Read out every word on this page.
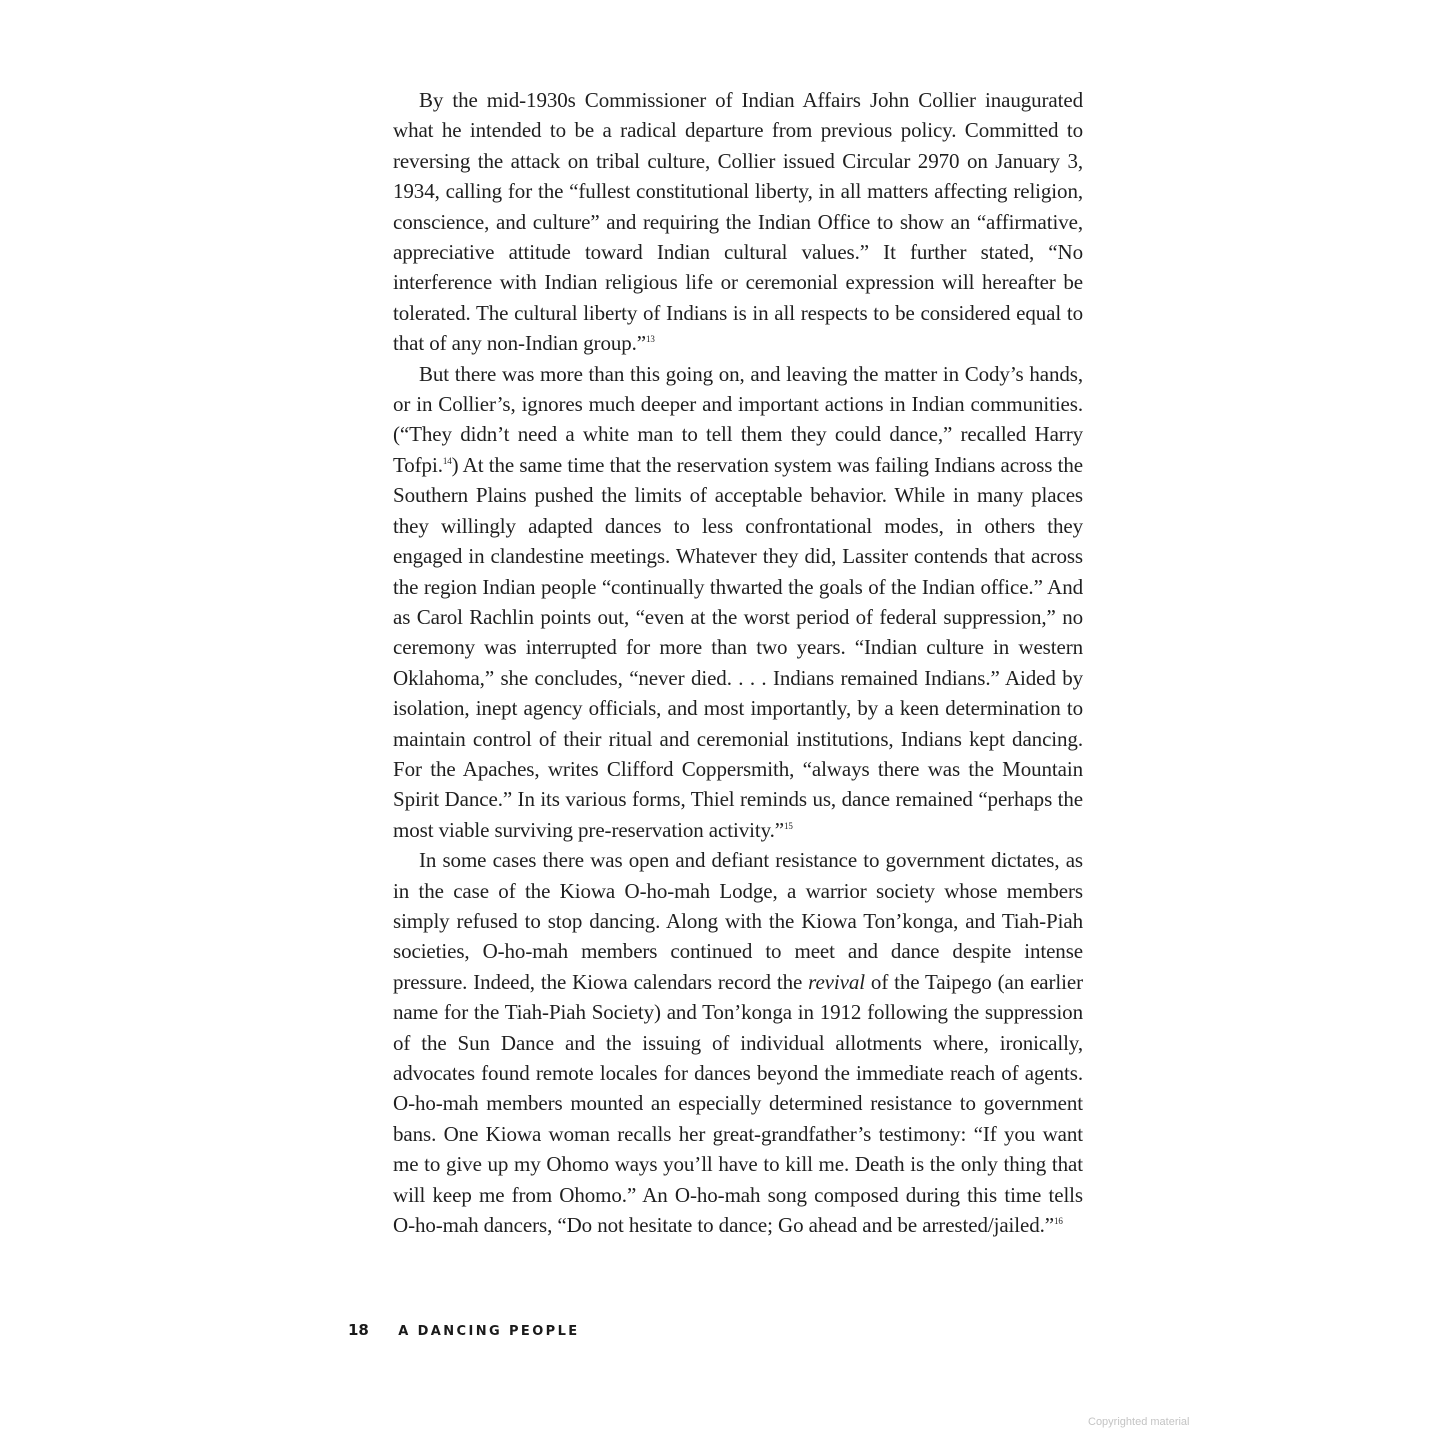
By the mid-1930s Commissioner of Indian Affairs John Collier inaugurated what he intended to be a radical departure from previous policy. Committed to reversing the attack on tribal culture, Collier issued Circular 2970 on January 3, 1934, calling for the “fullest constitutional liberty, in all matters affecting religion, conscience, and culture” and requiring the Indian Office to show an “affirmative, appreciative attitude toward Indian cultural values.” It further stated, “No interference with Indian religious life or ceremonial expression will hereafter be tolerated. The cultural liberty of Indians is in all respects to be considered equal to that of any non-Indian group.”$^{13}$

But there was more than this going on, and leaving the matter in Cody’s hands, or in Collier’s, ignores much deeper and important actions in Indian communities. (“They didn’t need a white man to tell them they could dance,” recalled Harry Tofpi.$^{14}$) At the same time that the reservation system was failing Indians across the Southern Plains pushed the limits of acceptable behavior. While in many places they willingly adapted dances to less confrontational modes, in others they engaged in clandestine meetings. Whatever they did, Lassiter contends that across the region Indian people “continually thwarted the goals of the Indian office.” And as Carol Rachlin points out, “even at the worst period of federal suppression,” no ceremony was interrupted for more than two years. “Indian culture in western Oklahoma,” she concludes, “never died. . . . Indians remained Indians.” Aided by isolation, inept agency officials, and most importantly, by a keen determination to maintain control of their ritual and ceremonial institutions, Indians kept dancing. For the Apaches, writes Clifford Coppersmith, “always there was the Mountain Spirit Dance.” In its various forms, Thiel reminds us, dance remained “perhaps the most viable surviving pre-reservation activity.”$^{15}$

In some cases there was open and defiant resistance to government dictates, as in the case of the Kiowa O-ho-mah Lodge, a warrior society whose members simply refused to stop dancing. Along with the Kiowa Ton’konga, and Tiah-Piah societies, O-ho-mah members continued to meet and dance despite intense pressure. Indeed, the Kiowa calendars record the revival of the Taipego (an earlier name for the Tiah-Piah Society) and Ton’konga in 1912 following the suppression of the Sun Dance and the issuing of individual allotments where, ironically, advocates found remote locales for dances beyond the immediate reach of agents. O-ho-mah members mounted an especially determined resistance to government bans. One Kiowa woman recalls her great-grandfather’s testimony: “If you want me to give up my Ohomo ways you’ll have to kill me. Death is the only thing that will keep me from Ohomo.” An O-ho-mah song composed during this time tells O-ho-mah dancers, “Do not hesitate to dance; Go ahead and be arrested/jailed.”$^{16}$

18 A DANCING PEOPLE
Copyrighted material
